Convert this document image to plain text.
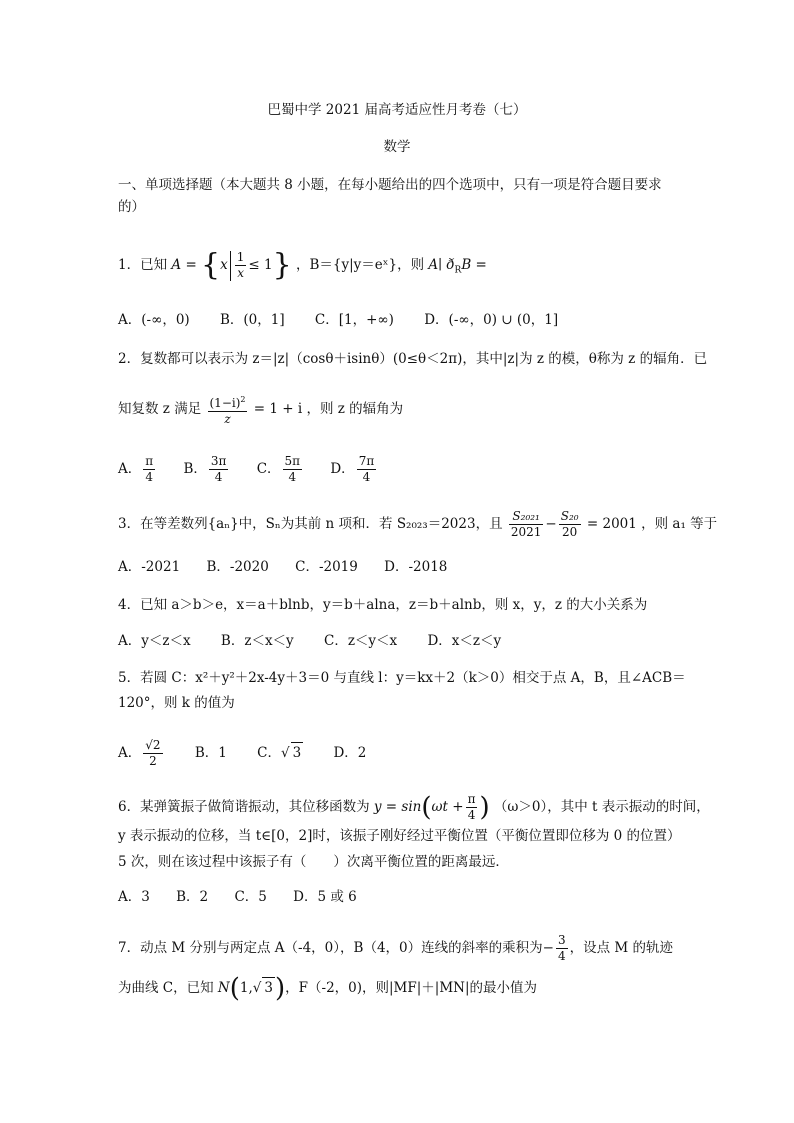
巴蜀中学 2021 届高考适应性月考卷（七）
数学
一、单项选择题（本大题共 8 小题，在每小题给出的四个选项中，只有一项是符合题目要求
的）
1．已知 $A = \{x \frac{1}{x} \le 1\}$ ，B＝{y|y＝eˣ}，则 A∣ $ð_RB$ =
A．(-∞，0) B．(0，1] C．[1，+∞) D．(-∞，0) ∪ (0，1]
2．复数都可以表示为 z＝|z|（cosθ＋isinθ）(0≤θ＜2π)，其中|z|为 z 的模，θ称为 z 的辐角．已
知复数 z 满足 $\frac{(1-i)^2}{z} = 1 + i$ ，则 z 的辐角为
A． $\frac{\pi}{4}$ B． $\frac{3\pi}{4}$ C． $\frac{5\pi}{4}$ D． $\frac{7\pi}{4}$
3．在等差数列{aₙ}中，Sₙ为其前 n 项和．若 S₂₀₂₃＝2023，且 $\frac{\text{S₂₀₂₁}}{2021} - \frac{\text{S₂₀}}{20} = 2001$ ，则 a₁ 等于
A．-2021 B．-2020 C．-2019 D．-2018
4．已知 a＞b＞e，x＝a＋blnb，y＝b＋alna，z＝b＋alnb，则 x，y，z 的大小关系为
A．y＜z＜x B．z＜x＜y C．z＜y＜x D．x＜z＜y
5．若圆 C：x²＋y²＋2x-4y＋3＝0 与直线 l：y＝kx＋2（k＞0）相交于点 A，B，且∠ACB＝
120°，则 k 的值为
A． $\frac{√2}{2}$ B．1 C．√ 3 D．2
6．某弹簧振子做简谐振动，其位移函数为 $y = \sin(\omega t + \frac{\pi}{4}$ ) （ω＞0），其中 t 表示振动的时间，
y 表示振动的位移，当 t∈[0，2]时，该振子刚好经过平衡位置（平衡位置即位移为 0 的位置）
5 次，则在该过程中该振子有（　　）次离平衡位置的距离最远．
A．3 B．2 C．5 D．5 或 6
7．动点 M 分别与两定点 A（-4，0），B（4，0）连线的斜率的乘积为− $\frac{3}{4}$ ，设点 M 的轨迹
为曲线 C，已知 N(1,√ 3)，F（-2，0)，则|MF|＋|MN|的最小值为
